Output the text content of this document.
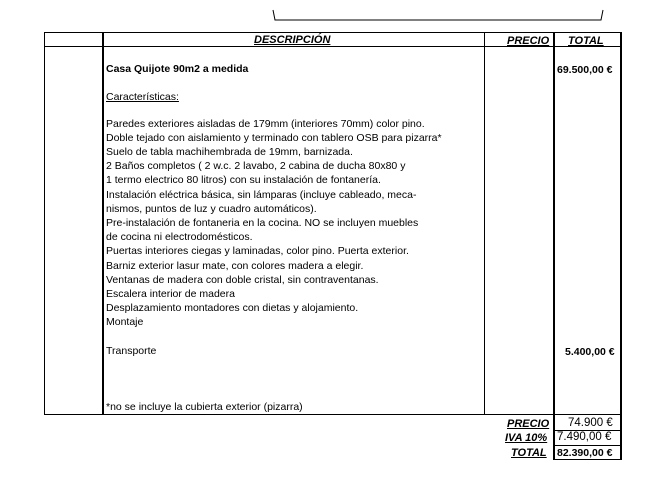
DESCRIPCIÓN	PRECIO TOTAL
Casa Quijote 90m2 a medida	69.500,00 €
Características:
Paredes exteriores aisladas de 179mm (interiores 70mm) color pino.
Doble tejado con aislamiento y terminado con tablero OSB para pizarra*
Suelo de tabla machihembrada de 19mm, barnizada.
2 Baños completos ( 2 w.c. 2 lavabo, 2 cabina de ducha 80x80 y
1 termo electrico 80 litros) con su instalación de fontanería.
Instalación eléctrica básica, sin lámparas (incluye cableado, meca-
nismos, puntos de luz y cuadro automáticos).
Pre-instalación de fontaneria en la cocina. NO se incluyen muebles
de cocina ni electrodomésticos.
Puertas interiores ciegas y laminadas, color pino. Puerta exterior.
Barniz exterior lasur mate, con colores madera a elegir.
Ventanas de madera con doble cristal, sin contraventanas.
Escalera interior de madera
Desplazamiento montadores con dietas y alojamiento.
Montaje
Transporte	5.400,00 €
*no se incluye la cubierta exterior (pizarra)
PRECIO 74.900 €
IVA 10% 7.490,00 €
TOTAL 82.390,00 €
